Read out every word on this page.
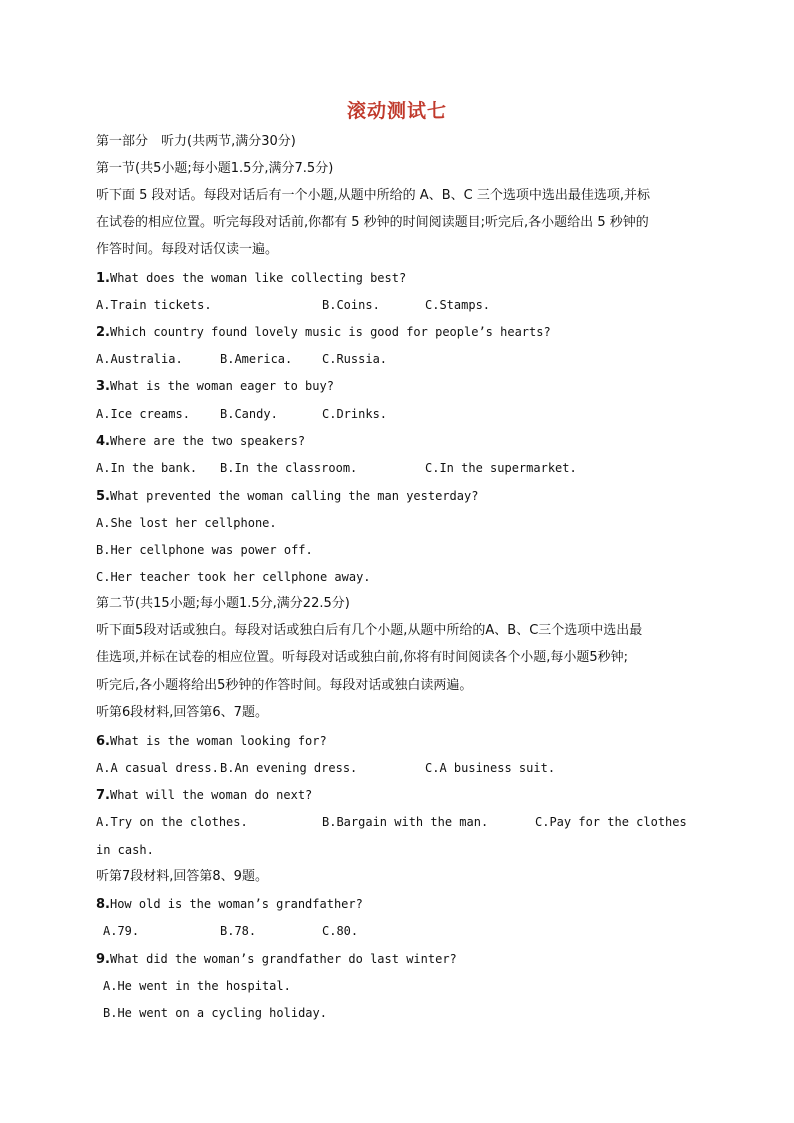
滚动测试七
第一部分　听力(共两节,满分30分)
第一节(共5小题;每小题1.5分,满分7.5分)
听下面 5 段对话。每段对话后有一个小题,从题中所给的 A、B、C 三个选项中选出最佳选项,并标
在试卷的相应位置。听完每段对话前,你都有 5 秒钟的时间阅读题目;听完后,各小题给出 5 秒钟的
作答时间。每段对话仅读一遍。
1.What does the woman like collecting best?
A.Train tickets.	B.Coins.	C.Stamps.
2.Which country found lovely music is good for people’s hearts?
A.Australia.	B.America. C.Russia.
3.What is the woman eager to buy?
A.Ice creams.	B.Candy.	C.Drinks.
4.Where are the two speakers?
A.In the bank. B.In the classroom.	C.In the supermarket.
5.What prevented the woman calling the man yesterday?
A.She lost her cellphone.
B.Her cellphone was power off.
C.Her teacher took her cellphone away.
第二节(共15小题;每小题1.5分,满分22.5分)
听下面5段对话或独白。每段对话或独白后有几个小题,从题中所给的A、B、C三个选项中选出最
佳选项,并标在试卷的相应位置。听每段对话或独白前,你将有时间阅读各个小题,每小题5秒钟;
听完后,各小题将给出5秒钟的作答时间。每段对话或独白读两遍。
听第6段材料,回答第6、7题。
6.What is the woman looking for?
A.A casual dress. B.An evening dress.	C.A business suit.
7.What will the woman do next?
A.Try on the clothes.	B.Bargain with the man.	C.Pay for the clothes
in cash.
听第7段材料,回答第8、9题。
8.How old is the woman’s grandfather?
A.79.	B.78.	C.80.
9.What did the woman’s grandfather do last winter?
A.He went in the hospital.
B.He went on a cycling holiday.
